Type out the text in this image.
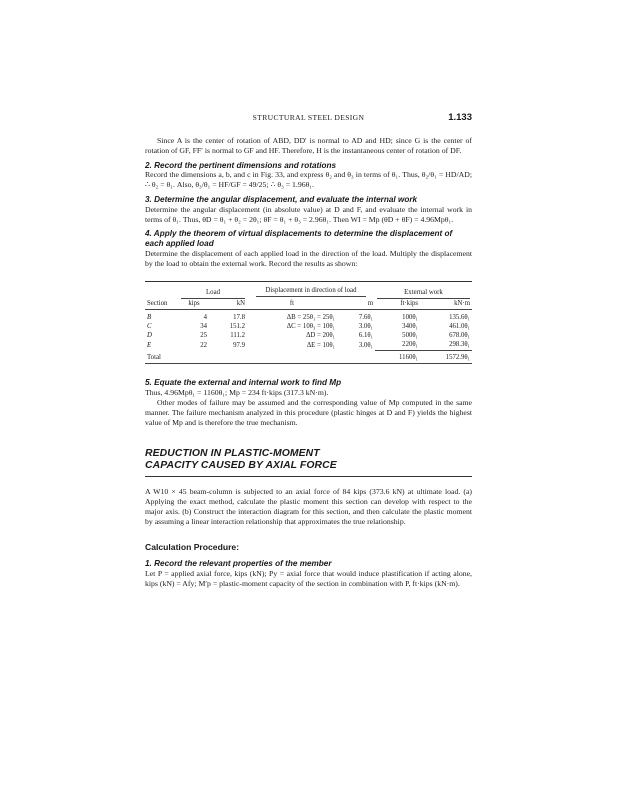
STRUCTURAL STEEL DESIGN	1.133

Since A is the center of rotation of ABD, DD′ is normal to AD and HD; since G is the center of rotation of GF, FF′ is normal to GF and HF. Therefore, H is the instantaneous center of rotation of DF.

2. Record the pertinent dimensions and rotations

Record the dimensions a, b, and c in Fig. 33, and express θ₂ and θ₃ in terms of θ₁. Thus, θ₂/θ₁ = HD/AD; ∴ θ₂ = θ₁. Also, θ₃/θ₁ = HF/GF = 49/25; ∴ θ₃ = 1.96θ₁.

3. Determine the angular displacement, and evaluate the internal work

Determine the angular displacement (in absolute value) at D and F, and evaluate the internal work in terms of θ₁. Thus, θD = θ₁ + θ₂ = 2θ₁; θF = θ₁ + θ₃ = 2.96θ₁. Then WI = Mp (θD + θF) = 4.96Mpθ₁.

4. Apply the theorem of virtual displacements to determine the displacement of each applied load

Determine the displacement of each applied load in the direction of the load. Multiply the displacement by the load to obtain the external work. Record the results as shown:

	Load		Displacement in direction of load		External work	

Section	kips	kN	ft	m	ft·kips	kN·m
B	4	17.8	ΔB = 25θ₁ = 25θ₁	7.6θ₁	100θ₁	135.6θ₁
C	34	151.2	ΔC = 10θ₃ = 10θ₁	3.0θ₁	340θ₁	461.0θ₁
D	25	111.2	ΔD = 20θ₁	6.1θ₁	500θ₁	678.0θ₁
E	22	97.9	ΔE = 10θ₁	3.0θ₁	220θ₁	298.3θ₁
Total					1160θ₁	1572.9θ₁
5. Equate the external and internal work to find Mp

Thus, 4.96Mpθ₁ = 1160θ₁; Mp = 234 ft·kips (317.3 kN·m).

Other modes of failure may be assumed and the corresponding value of Mp computed in the same manner. The failure mechanism analyzed in this procedure (plastic hinges at D and F) yields the highest value of Mp and is therefore the true mechanism.

REDUCTION IN PLASTIC-MOMENT
CAPACITY CAUSED BY AXIAL FORCE

A W10 × 45 beam-column is subjected to an axial force of 84 kips (373.6 kN) at ultimate load. (a) Applying the exact method, calculate the plastic moment this section can develop with respect to the major axis. (b) Construct the interaction diagram for this section, and then calculate the plastic moment by assuming a linear interaction relationship that approximates the true relationship.

Calculation Procedure:
1. Record the relevant properties of the member

Let P = applied axial force, kips (kN); Py = axial force that would induce plastification if acting alone, kips (kN) = Afy; M′p = plastic-moment capacity of the section in combination with P, ft·kips (kN·m).
